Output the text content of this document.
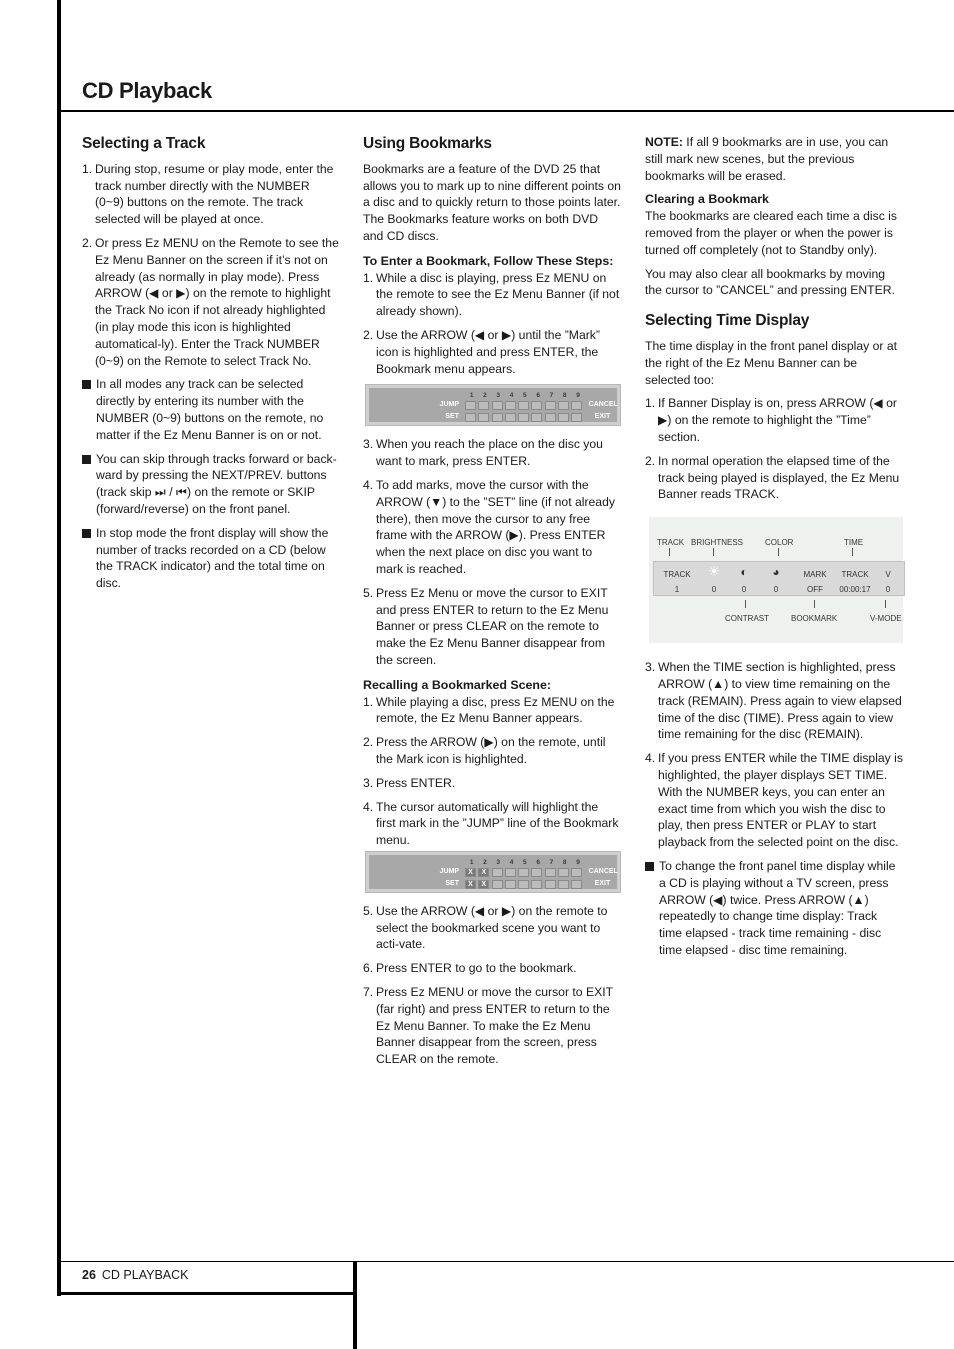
CD Playback
Selecting a Track
1. During stop, resume or play mode, enter the track number directly with the NUMBER (0~9) buttons on the remote. The track selected will be played at once.
2. Or press Ez MENU on the Remote to see the Ez Menu Banner on the screen if it’s not on already (as normally in play mode). Press ARROW (◀ or ▶) on the remote to highlight the Track No icon if not already highlighted (in play mode this icon is highlighted automatical-ly). Enter the Track NUMBER (0~9) on the Remote to select Track No.
In all modes any track can be selected directly by entering its number with the NUMBER (0~9) buttons on the remote, no matter if the Ez Menu Banner is on or not.
You can skip through tracks forward or back-ward by pressing the NEXT/PREV. buttons (track skip ⏭ / ⏮) on the remote or SKIP (forward/reverse) on the front panel.
In stop mode the front display will show the number of tracks recorded on a CD (below the TRACK indicator) and the total time on disc.
Using Bookmarks

Bookmarks are a feature of the DVD 25 that allows you to mark up to nine different points on a disc and to quickly return to those points later. The Bookmarks feature works on both DVD and CD discs.

To Enter a Bookmark, Follow These Steps:
1. While a disc is playing, press Ez MENU on the remote to see the Ez Menu Banner (if not already shown).
2. Use the ARROW (◀ or ▶) until the ”Mark” icon is highlighted and press ENTER, the Bookmark menu appears.
1	2	3	4	5	6	7	8	9
JUMP	CANCEL
SET	EXIT
3. When you reach the place on the disc you want to mark, press ENTER.
4. To add marks, move the cursor with the ARROW (▼) to the ”SET” line (if not already there), then move the cursor to any free frame with the ARROW (▶). Press ENTER when the next place on disc you want to mark is reached.
5. Press Ez Menu or move the cursor to EXIT and press ENTER to return to the Ez Menu Banner or press CLEAR on the remote to make the Ez Menu Banner disappear from the screen.
Recalling a Bookmarked Scene:
1. While playing a disc, press Ez MENU on the remote, the Ez Menu Banner appears.
2. Press the ARROW (▶) on the remote, until the Mark icon is highlighted.
3. Press ENTER.
4. The cursor automatically will highlight the first mark in the ”JUMP” line of the Bookmark menu.
1	2	3	4	5	6	7	8	9
JUMP	X	X	CANCEL
SET	X	X	EXIT
5. Use the ARROW (◀ or ▶) on the remote to select the bookmarked scene you want to acti-vate.
6. Press ENTER to go to the bookmark.
7. Press Ez MENU or move the cursor to EXIT (far right) and press ENTER to return to the Ez Menu Banner. To make the Ez Menu Banner disappear from the screen, press CLEAR on the remote.

NOTE: If all 9 bookmarks are in use, you can still mark new scenes, but the previous bookmarks will be erased.

Clearing a Bookmark

The bookmarks are cleared each time a disc is removed from the player or when the power is turned off completely (not to Standby only).

You may also clear all bookmarks by moving the cursor to ”CANCEL” and pressing ENTER.

Selecting Time Display

The time display in the front panel display or at the right of the Ez Menu Banner can be selected too:

1. If Banner Display is on, press ARROW (◀ or ▶) on the remote to highlight the ”Time” section.
2. In normal operation the elapsed time of the track being played is displayed, the Ez Menu Banner reads TRACK.
TRACK BRIGHTNESS	COLOR	TIME
TRACK	☀	◐	◕	MARK	TRACK	V
1	0	0	0	OFF	00:00:17	0
CONTRAST	BOOKMARK	V-MODE
3. When the TIME section is highlighted, press ARROW (▲) to view time remaining on the track (REMAIN). Press again to view elapsed time of the disc (TIME). Press again to view time remaining for the disc (REMAIN).
4. If you press ENTER while the TIME display is highlighted, the player displays SET TIME. With the NUMBER keys, you can enter an exact time from which you wish the disc to play, then press ENTER or PLAY to start playback from the selected point on the disc.
To change the front panel time display while a CD is playing without a TV screen, press ARROW (◀) twice. Press ARROW (▲) repeatedly to change time display: Track time elapsed - track time remaining - disc time elapsed - disc time remaining.
26 CD PLAYBACK
